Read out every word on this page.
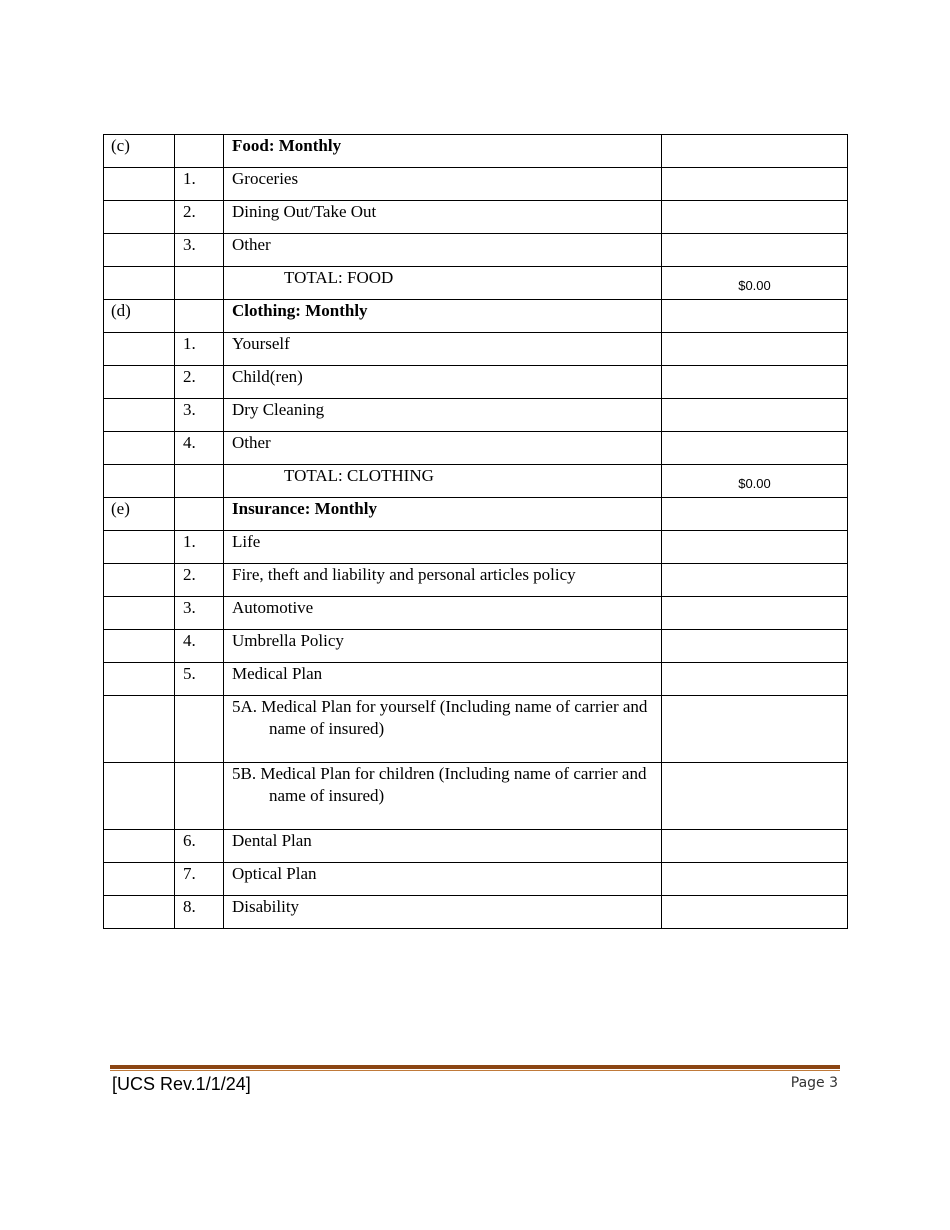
(c)		Food: Monthly	
	1.	Groceries	
	2.	Dining Out/Take Out	
	3.	Other	
		TOTAL: FOOD	$0.00
(d)		Clothing: Monthly	
	1.	Yourself	
	2.	Child(ren)	
	3.	Dry Cleaning	
	4.	Other	
		TOTAL: CLOTHING	$0.00
(e)		Insurance: Monthly	
	1.	Life	
	2.	Fire, theft and liability and personal articles policy	
	3.	Automotive	
	4.	Umbrella Policy	
	5.	Medical Plan	

		5A. Medical Plan for yourself (Including name of carrier and name of insured)	

		5B. Medical Plan for children (Including name of carrier and name of insured)	

	6.	Dental Plan	
	7.	Optical Plan	
	8.	Disability	
[UCS Rev.1/1/24]	Page 3
